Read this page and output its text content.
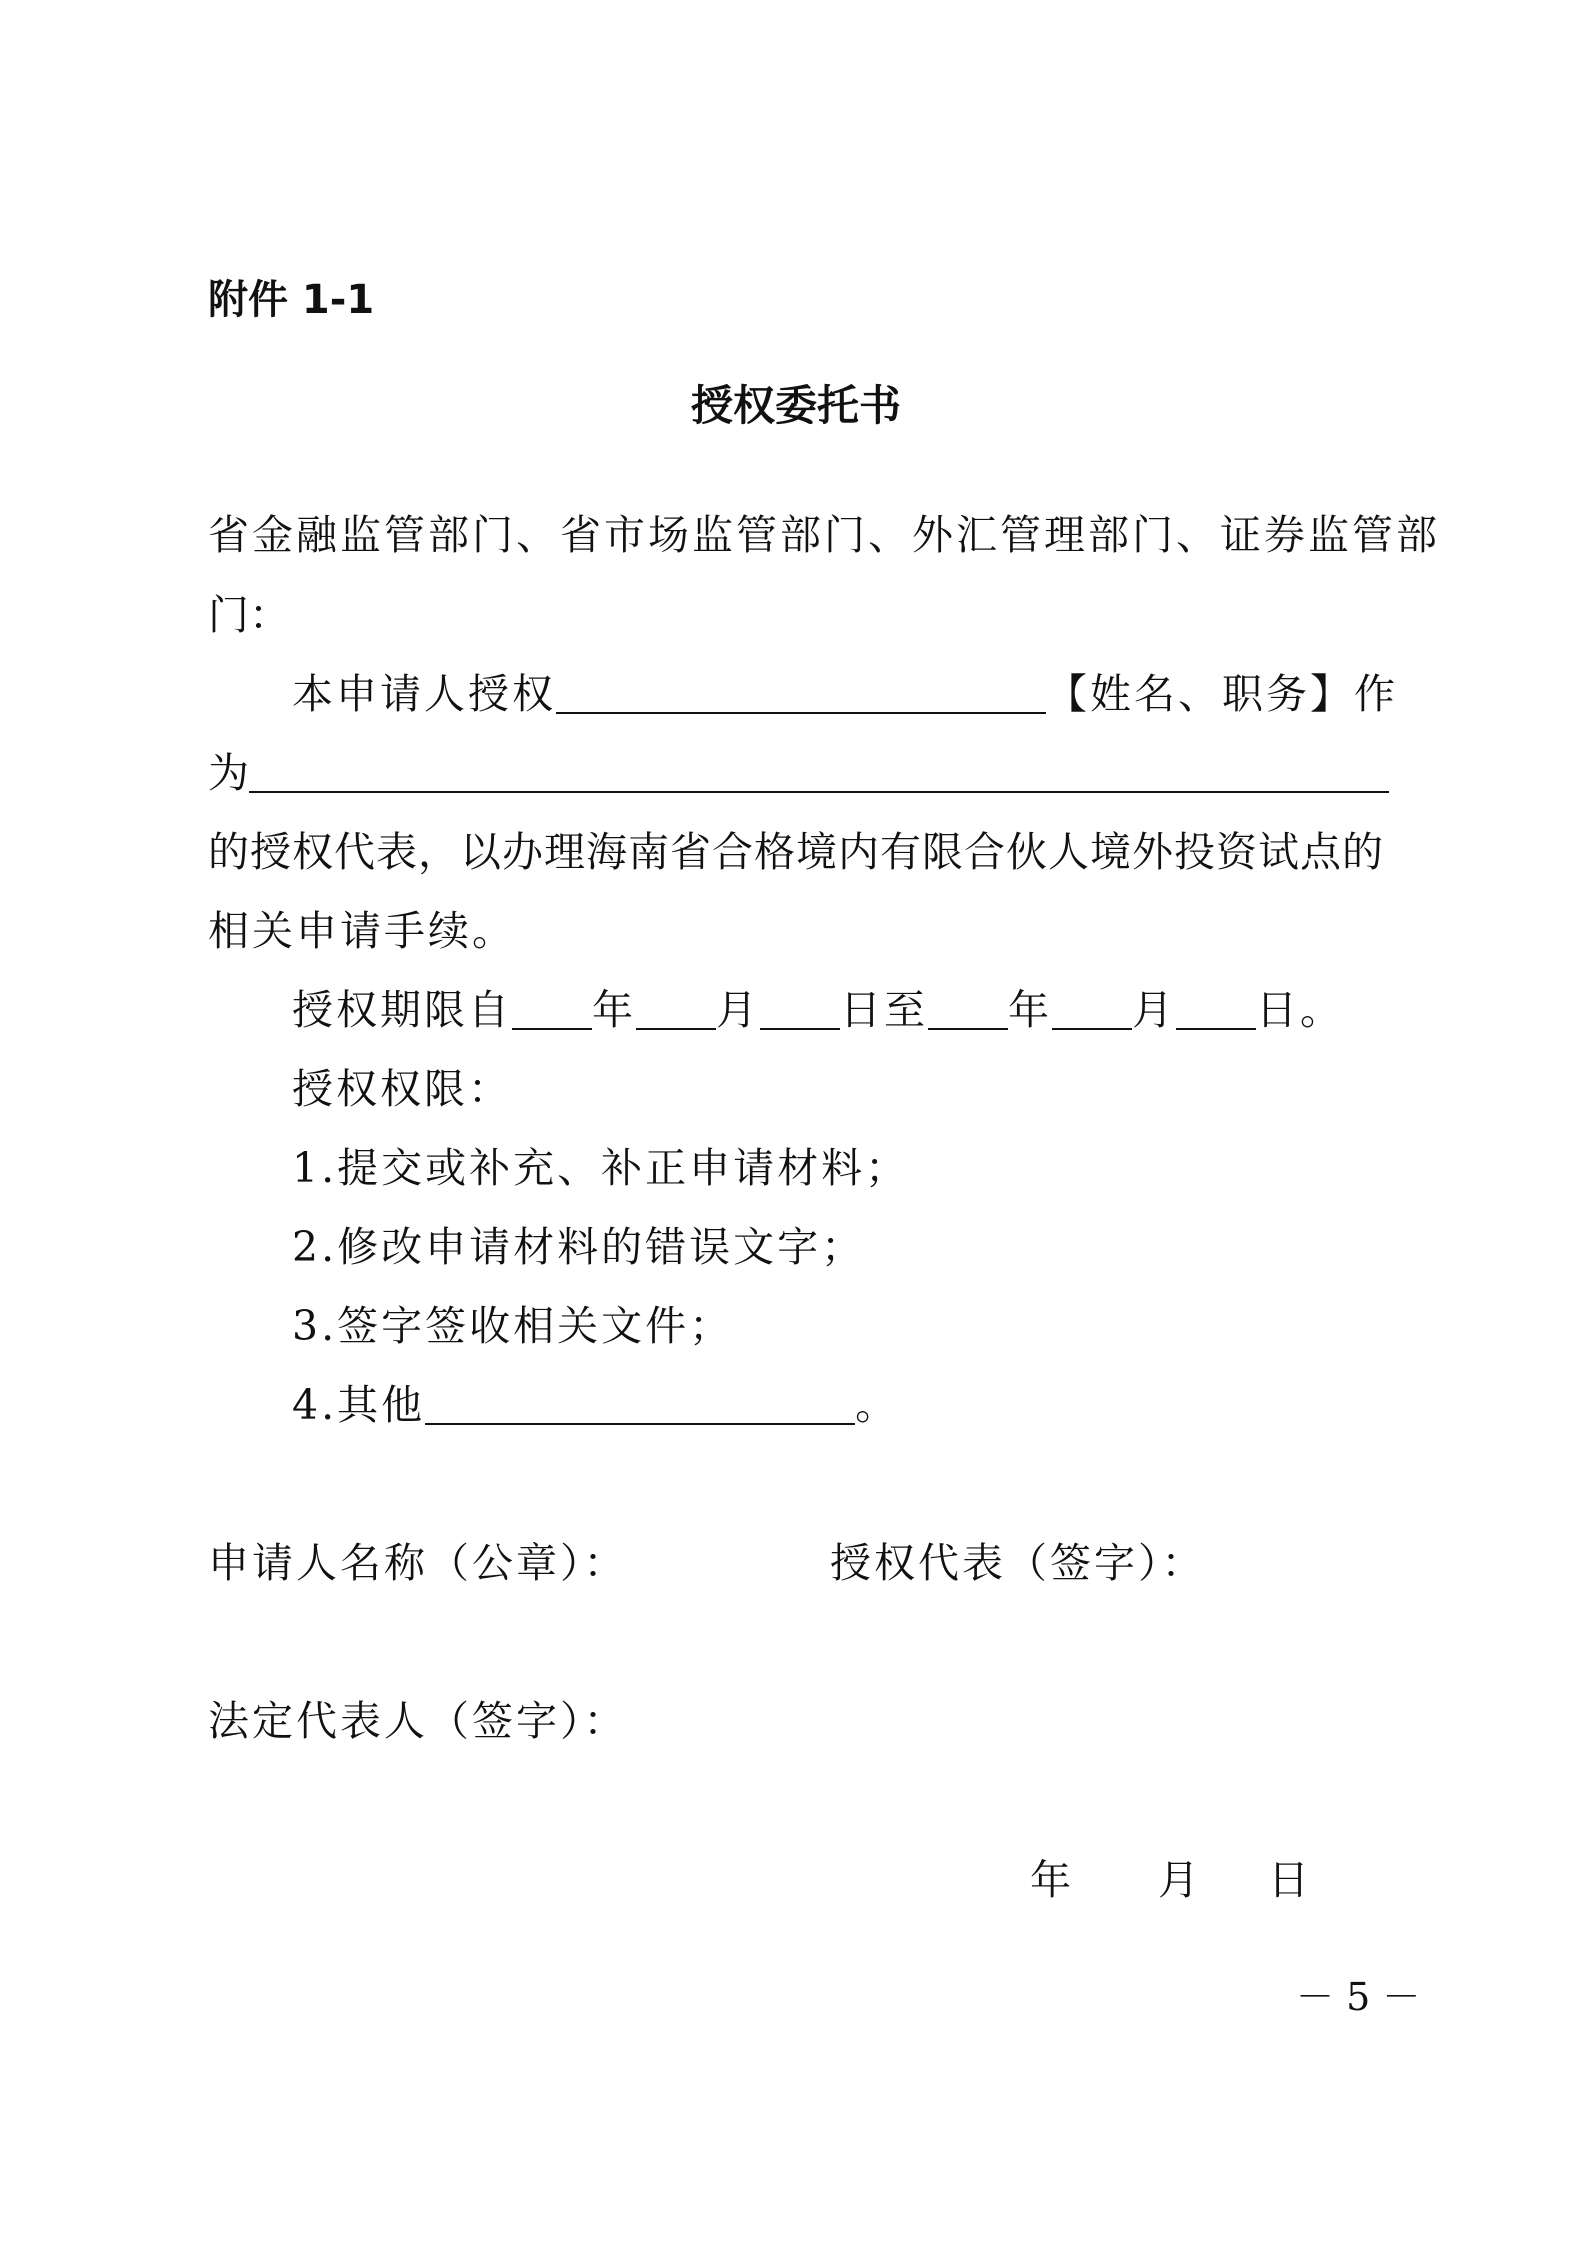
附件 1-1
授权委托书
省金融监管部门、省市场监管部门、外汇管理部门、证券监管部
门：
本申请人授权	【姓名、职务】作
为
的授权代表，以办理海南省合格境内有限合伙人境外投资试点的
相关申请手续。
授权期限自 年 月 日至 年 月 日。
授权权限：
1.提交或补充、补正申请材料；
2.修改申请材料的错误文字；
3.签字签收相关文件；
4.其他	。
申请人名称（公章）：	授权代表（签字）：
法定代表人（签字）：
年 月 日
－ 5 －
